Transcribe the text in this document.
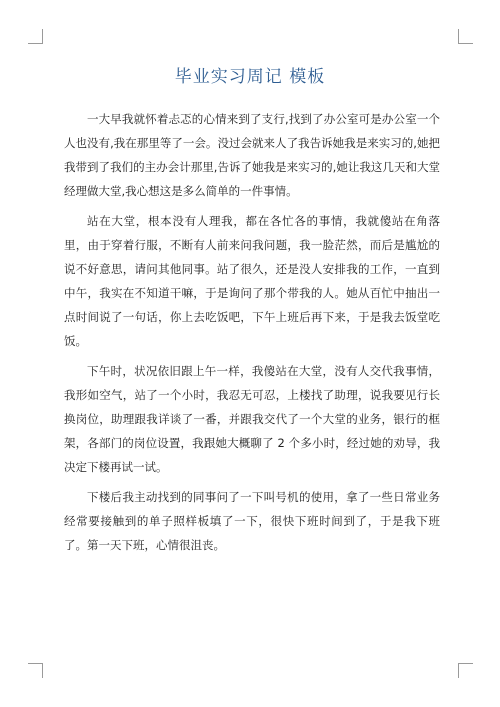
毕业实习周记 模板

一大早我就怀着忐忑的心情来到了支行,找到了办公室可是办公室一个人也没有,我在那里等了一会。没过会就来人了我告诉她我是来实习的,她把我带到了我们的主办会计那里,告诉了她我是来实习的,她让我这几天和大堂经理做大堂,我心想这是多么简单的一件事情。

站在大堂，根本没有人理我，都在各忙各的事情，我就傻站在角落里，由于穿着行服，不断有人前来问我问题，我一脸茫然，而后是尴尬的说不好意思，请问其他同事。站了很久，还是没人安排我的工作，一直到中午，我实在不知道干嘛，于是询问了那个带我的人。她从百忙中抽出一点时间说了一句话，你上去吃饭吧，下午上班后再下来，于是我去饭堂吃饭。

下午时，状况依旧跟上午一样，我傻站在大堂，没有人交代我事情，我形如空气，站了一个小时，我忍无可忍，上楼找了助理，说我要见行长换岗位，助理跟我详谈了一番，并跟我交代了一个大堂的业务，银行的框架，各部门的岗位设置，我跟她大概聊了 2 个多小时，经过她的劝导，我决定下楼再试一试。

下楼后我主动找到的同事问了一下叫号机的使用，拿了一些日常业务经常要接触到的单子照样板填了一下，很快下班时间到了，于是我下班了。第一天下班，心情很沮丧。
